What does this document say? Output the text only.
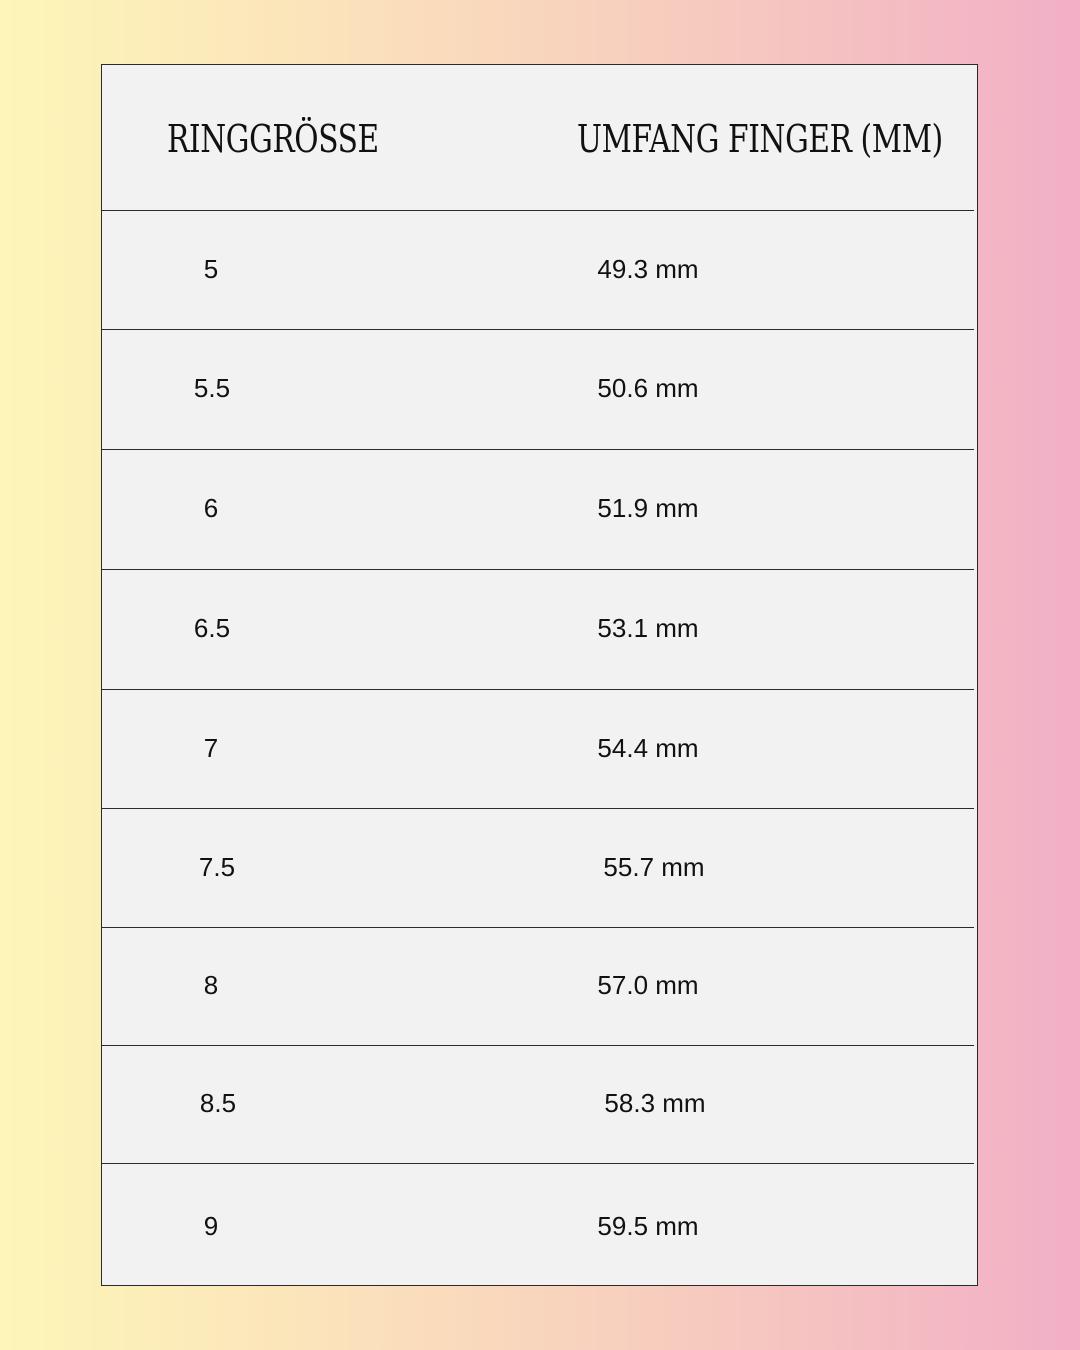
RINGGRÖSSE	UMFANG FINGER (MM)
5	49.3 mm
5.5	50.6 mm
6	51.9 mm
6.5	53.1 mm
7	54.4 mm
7.5	55.7 mm
8	57.0 mm
8.5	58.3 mm
9	59.5 mm
